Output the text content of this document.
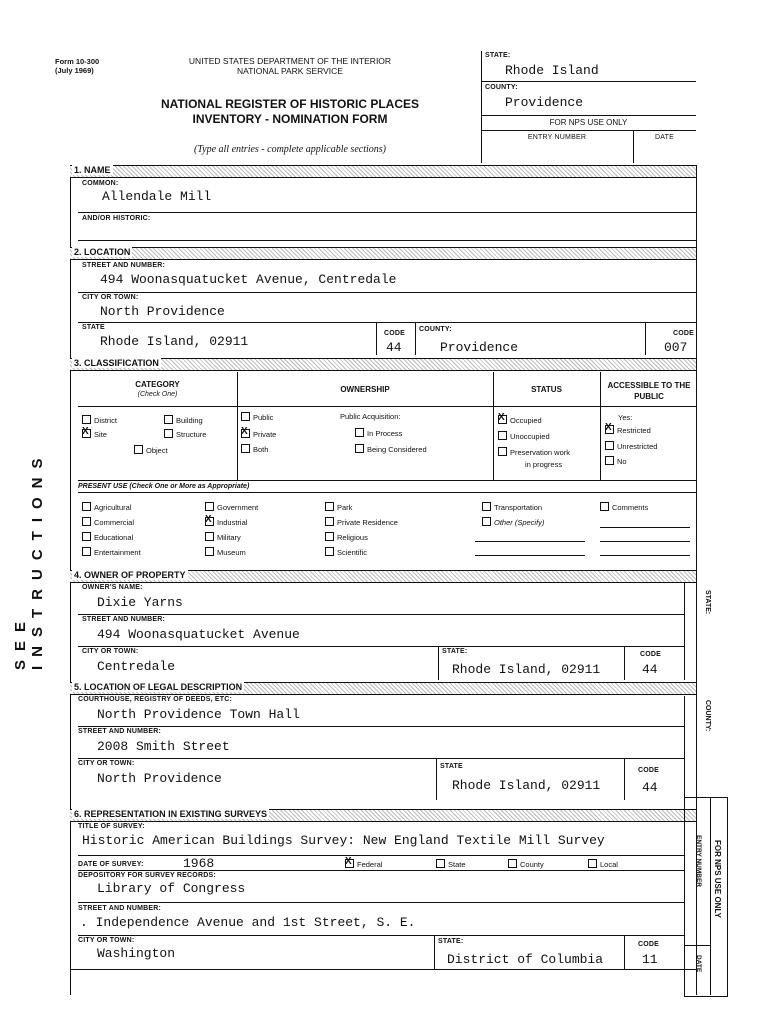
Form 10-300
(July 1969)
UNITED STATES DEPARTMENT OF THE INTERIOR
NATIONAL PARK SERVICE
NATIONAL REGISTER OF HISTORIC PLACES
INVENTORY - NOMINATION FORM
(Type all entries - complete applicable sections)
STATE:
Rhode Island
COUNTY:
Providence
FOR NPS USE ONLY
ENTRY NUMBER	DATE
SEE INSTRUCTIONS
1. NAME
COMMON:
Allendale Mill
AND/OR HISTORIC:
2. LOCATION
STREET AND NUMBER:
494 Woonasquatucket Avenue, Centredale
CITY OR TOWN:
North Providence
STATE
Rhode Island, 02911
CODE
44
COUNTY:
Providence
CODE
007
3. CLASSIFICATION
CATEGORY
(Check One)
OWNERSHIP	STATUS	ACCESSIBLE TO THE PUBLIC
District	Building
XSite	Structure
Object
Public
XPrivate
Both
Public Acquisition:
In Process
Being Considered
XOccupied
Unoccupied
Preservation work
in progress
Yes:
XRestricted
Unrestricted
No
PRESENT USE (Check One or More as Appropriate)
Agricultural
Commercial
Educational
Entertainment
Government
XIndustrial
Military
Museum
Park
Private Residence
Religious
Scientific
Transportation
Other (Specify)
Comments
4. OWNER OF PROPERTY
OWNER'S NAME:
Dixie Yarns
STREET AND NUMBER:
494 Woonasquatucket Avenue
CITY OR TOWN:
Centredale
STATE:
Rhode Island, 02911
CODE
44
STATE:
5. LOCATION OF LEGAL DESCRIPTION
COURTHOUSE, REGISTRY OF DEEDS, ETC:
North Providence Town Hall
STREET AND NUMBER:
2008 Smith Street
CITY OR TOWN:
North Providence
STATE
Rhode Island, 02911
CODE
44
COUNTY:
6. REPRESENTATION IN EXISTING SURVEYS
TITLE OF SURVEY:
Historic American Buildings Survey: New England Textile Mill Survey
DATE OF SURVEY:	1968
X	Federal	State	County	Local
DEPOSITORY FOR SURVEY RECORDS:
Library of Congress
STREET AND NUMBER:
. Independence Avenue and 1st Street, S. E.
CITY OR TOWN:
Washington
STATE:
District of Columbia
CODE
11
FOR NPS USE ONLY
ENTRY NUMBER
DATE
